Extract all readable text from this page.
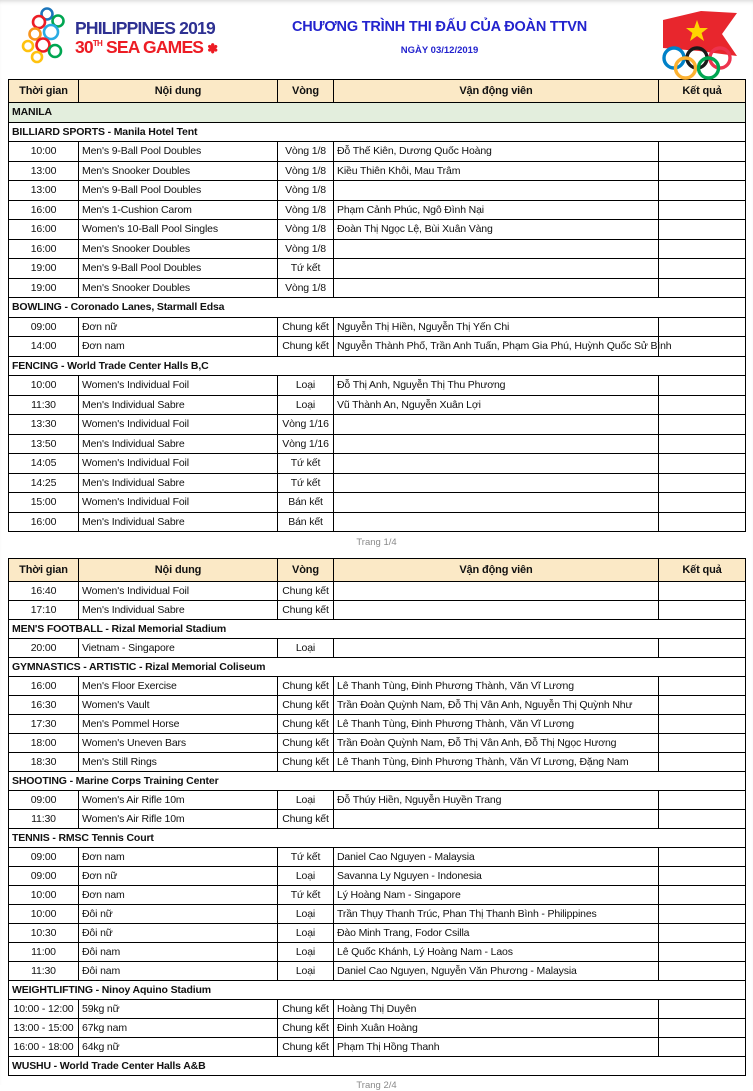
PHILIPPINES 2019
30TH SEA GAMES ✽
CHƯƠNG TRÌNH THI ĐẤU CỦA ĐOÀN TTVN
NGÀY 03/12/2019
Thời gian	Nội dung	Vòng	Vận động viên	Kết quả
MANILA				
BILLIARD SPORTS - Manila Hotel Tent				
10:00	Men's 9-Ball Pool Doubles	Vòng 1/8	Đỗ Thế Kiên, Dương Quốc Hoàng	
13:00	Men's Snooker Doubles	Vòng 1/8	Kiều Thiên Khôi, Mau Trâm	
13:00	Men's 9-Ball Pool Doubles	Vòng 1/8		
16:00	Men's 1-Cushion Carom	Vòng 1/8	Phạm Cảnh Phúc, Ngô Đình Nại	
16:00	Women's 10-Ball Pool Singles	Vòng 1/8	Đoàn Thị Ngọc Lệ, Bùi Xuân Vàng	
16:00	Men's Snooker Doubles	Vòng 1/8		
19:00	Men's 9-Ball Pool Doubles	Tứ kết		
19:00	Men's Snooker Doubles	Vòng 1/8		
BOWLING - Coronado Lanes, Starmall Edsa				
09:00	Đơn nữ	Chung kết	Nguyễn Thị Hiền, Nguyễn Thị Yến Chi	
14:00	Đơn nam	Chung kết	Nguyễn Thành Phố, Trần Anh Tuấn, Phạm Gia Phú, Huỳnh Quốc Sử Bình	
FENCING - World Trade Center Halls B,C				
10:00	Women's Individual Foil	Loại	Đỗ Thị Anh, Nguyễn Thị Thu Phương	
11:30	Men's Individual Sabre	Loại	Vũ Thành An, Nguyễn Xuân Lợi	
13:30	Women's Individual Foil	Vòng 1/16		
13:50	Men's Individual Sabre	Vòng 1/16		
14:05	Women's Individual Foil	Tứ kết		
14:25	Men's Individual Sabre	Tứ kết		
15:00	Women's Individual Foil	Bán kết		
16:00	Men's Individual Sabre	Bán kết		
Trang 1/4
Thời gian	Nội dung	Vòng	Vận động viên	Kết quả
16:40	Women's Individual Foil	Chung kết		
17:10	Men's Individual Sabre	Chung kết		
MEN'S FOOTBALL - Rizal Memorial Stadium				
20:00	Vietnam - Singapore	Loại		
GYMNASTICS - ARTISTIC - Rizal Memorial Coliseum				
16:00	Men's Floor Exercise	Chung kết	Lê Thanh Tùng, Đinh Phương Thành, Văn Vĩ Lương	
16:30	Women's Vault	Chung kết	Trần Đoàn Quỳnh Nam, Đỗ Thị Vân Anh, Nguyễn Thị Quỳnh Như	
17:30	Men's Pommel Horse	Chung kết	Lê Thanh Tùng, Đinh Phương Thành, Văn Vĩ Lương	
18:00	Women's Uneven Bars	Chung kết	Trần Đoàn Quỳnh Nam, Đỗ Thị Vân Anh, Đỗ Thị Ngọc Hương	
18:30	Men's Still Rings	Chung kết	Lê Thanh Tùng, Đinh Phương Thành, Văn Vĩ Lương, Đặng Nam	
SHOOTING - Marine Corps Training Center				
09:00	Women's Air Rifle 10m	Loại	Đỗ Thúy Hiền, Nguyễn Huyền Trang	
11:30	Women's Air Rifle 10m	Chung kết		
TENNIS - RMSC Tennis Court				
09:00	Đơn nam	Tứ kết	Daniel Cao Nguyen - Malaysia	
09:00	Đơn nữ	Loại	Savanna Ly Nguyen - Indonesia	
10:00	Đơn nam	Tứ kết	Lý Hoàng Nam - Singapore	
10:00	Đôi nữ	Loại	Trần Thụy Thanh Trúc, Phan Thị Thanh Bình - Philippines	
10:30	Đôi nữ	Loại	Đào Minh Trang, Fodor Csilla	
11:00	Đôi nam	Loại	Lê Quốc Khánh, Lý Hoàng Nam - Laos	
11:30	Đôi nam	Loại	Daniel Cao Nguyen, Nguyễn Văn Phương - Malaysia	
WEIGHTLIFTING - Ninoy Aquino Stadium				
10:00 - 12:00	59kg nữ	Chung kết	Hoàng Thị Duyên	
13:00 - 15:00	67kg nam	Chung kết	Đinh Xuân Hoàng	
16:00 - 18:00	64kg nữ	Chung kết	Phạm Thị Hồng Thanh	
WUSHU - World Trade Center Halls A&B				
Trang 2/4
